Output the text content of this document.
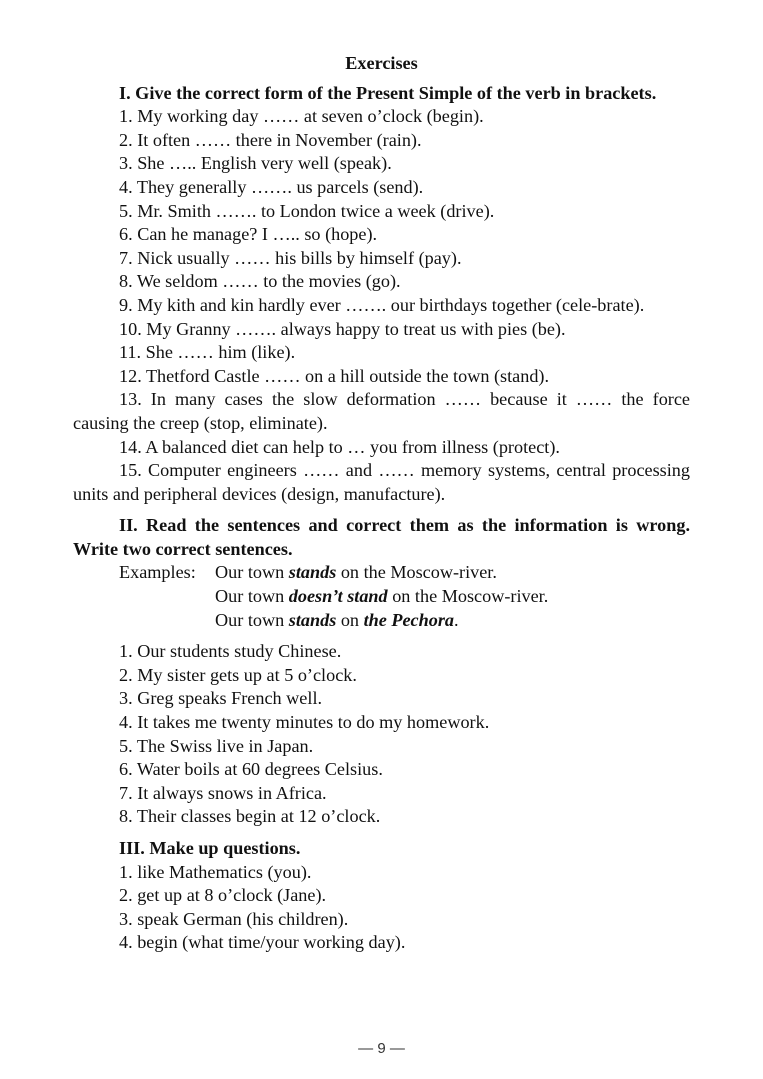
Exercises

I. Give the correct form of the Present Simple of the verb in brackets.

1. My working day …… at seven o’clock (begin).

2. It often …… there in November (rain).

3. She ….. English very well (speak).

4. They generally ……. us parcels (send).

5. Mr. Smith ……. to London twice a week (drive).

6. Can he manage? I ….. so (hope).

7. Nick usually …… his bills by himself (pay).

8. We seldom …… to the movies (go).

9. My kith and kin hardly ever ……. our birthdays together (cele-brate).

10. My Granny ……. always happy to treat us with pies (be).

11. She …… him (like).

12. Thetford Castle …… on a hill outside the town (stand).

13. In many cases the slow deformation …… because it …… the force causing the creep (stop, eliminate).

14. A balanced diet can help to … you from illness (protect).

15. Computer engineers …… and …… memory systems, central processing units and peripheral devices (design, manufacture).

II. Read the sentences and correct them as the information is wrong. Write two correct sentences.

Examples: Our town stands on the Moscow-river.

Our town doesn’t stand on the Moscow-river.

Our town stands on the Pechora.

1. Our students study Chinese.

2. My sister gets up at 5 o’clock.

3. Greg speaks French well.

4. It takes me twenty minutes to do my homework.

5. The Swiss live in Japan.

6. Water boils at 60 degrees Celsius.

7. It always snows in Africa.

8. Their classes begin at 12 o’clock.

III. Make up questions.

1. like Mathematics (you).

2. get up at 8 o’clock (Jane).

3. speak German (his children).

4. begin (what time/your working day).

— 9 —
